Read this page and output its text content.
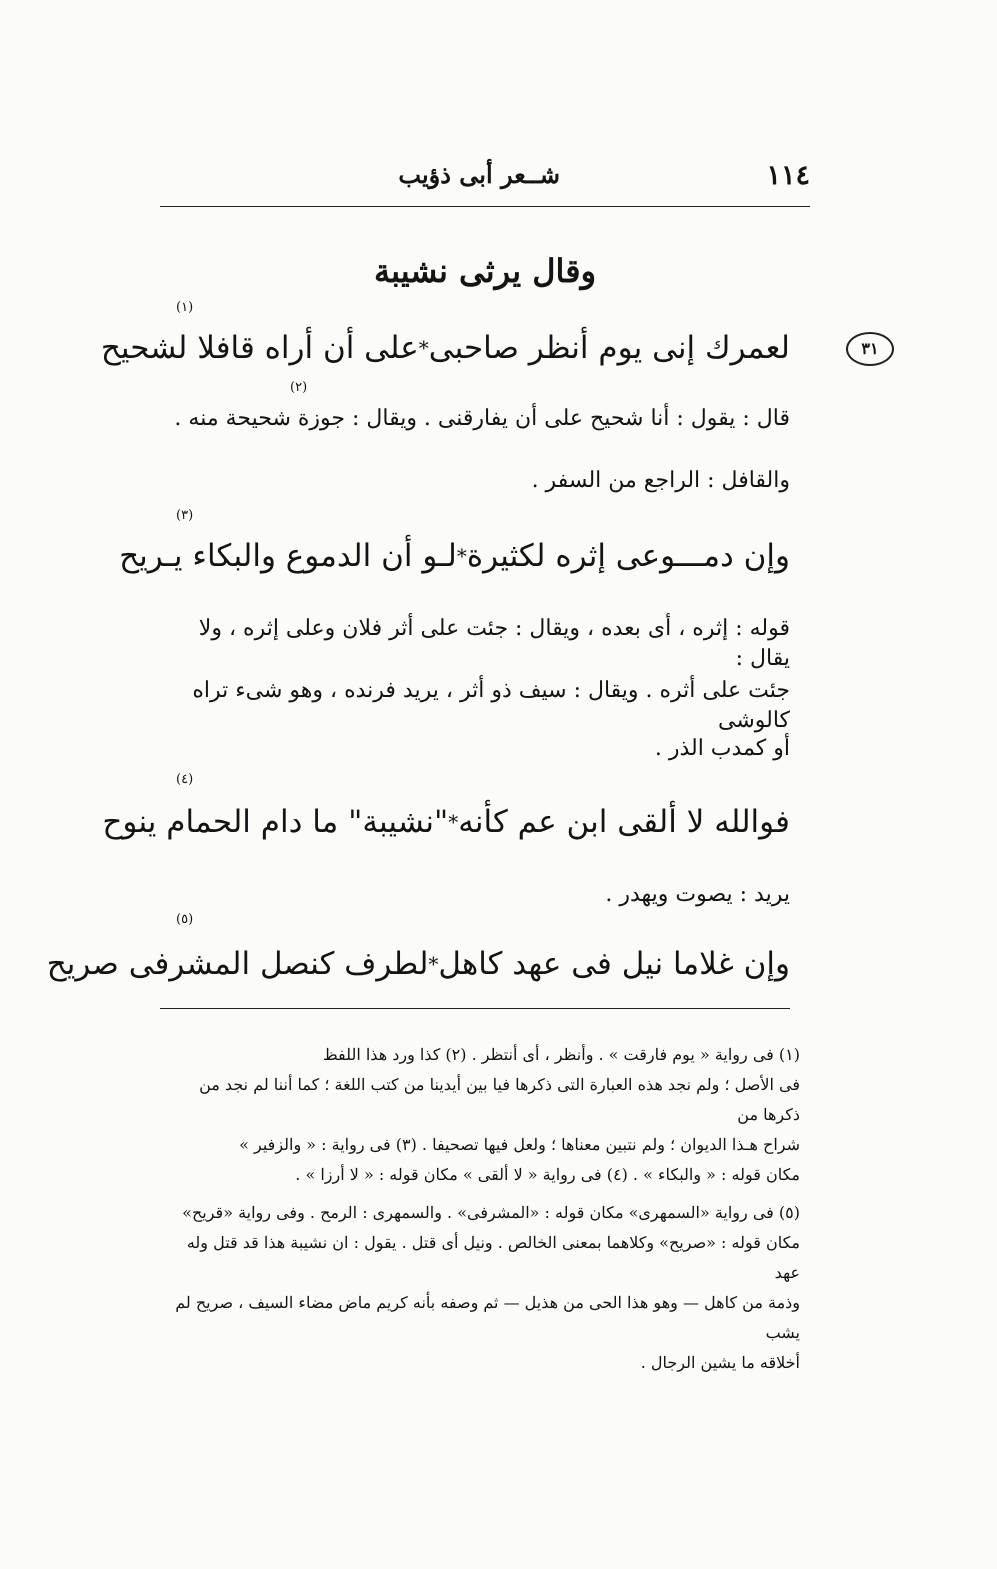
١١٤
شــعر أبى ذؤيب
وقال يرثى نشيبة
٣١
(١)
(٢)
(٣)
(٤)
(٥)
لعمرك إنى يوم أنظر صاحبى
*
على أن أراه قافلا لشحيح
قال : يقول : أنا شحيح على أن يفارقنى . ويقال : جوزة شحيحة منه .
والقافل : الراجع من السفر .
وإن دمـــوعى إثره لكثيرة
*
لـو أن الدموع والبكاء يـريح
قوله : إثره ، أى بعده ، ويقال : جئت على أثر فلان وعلى إثره ، ولا يقال :
جئت على أثره . ويقال : سيف ذو أثر ، يريد فرنده ، وهو شىء تراه كالوشى
أو كمدب الذر .
فوالله لا ألقى ابن عم كأنه
*
"نشيبة" ما دام الحمام ينوح
يريد : يصوت ويهدر .
وإن غلاما نيل فى عهد كاهل
*
لطرف كنصل المشرفى صريح

(١) فى رواية « يوم فارقت » . وأنظر ، أى أنتظر . (٢) كذا ورد هذا اللفظ

فى الأصل ؛ ولم نجد هذه العبارة التى ذكرها فيا بين أيدينا من كتب اللغة ؛ كما أننا لم نجد من ذكرها من

شراح هـذا الديوان ؛ ولم نتبين معناها ؛ ولعل فيها تصحيفا . (٣) فى رواية : « والزفير »

مكان قوله : « والبكاء » . (٤) فى رواية « لا ألقى » مكان قوله : « لا أرزا » .

(٥) فى رواية «السمهرى» مكان قوله : «المشرفى» . والسمهرى : الرمح . وفى رواية «قريح»

مكان قوله : «صريح» وكلاهما بمعنى الخالص . ونيل أى قتل . يقول : ان نشيبة هذا قد قتل وله عهد

وذمة من كاهل — وهو هذا الحى من هذيل — ثم وصفه بأنه كريم ماض مضاء السيف ، صريح لم يشب

أخلاقه ما يشين الرجال .
